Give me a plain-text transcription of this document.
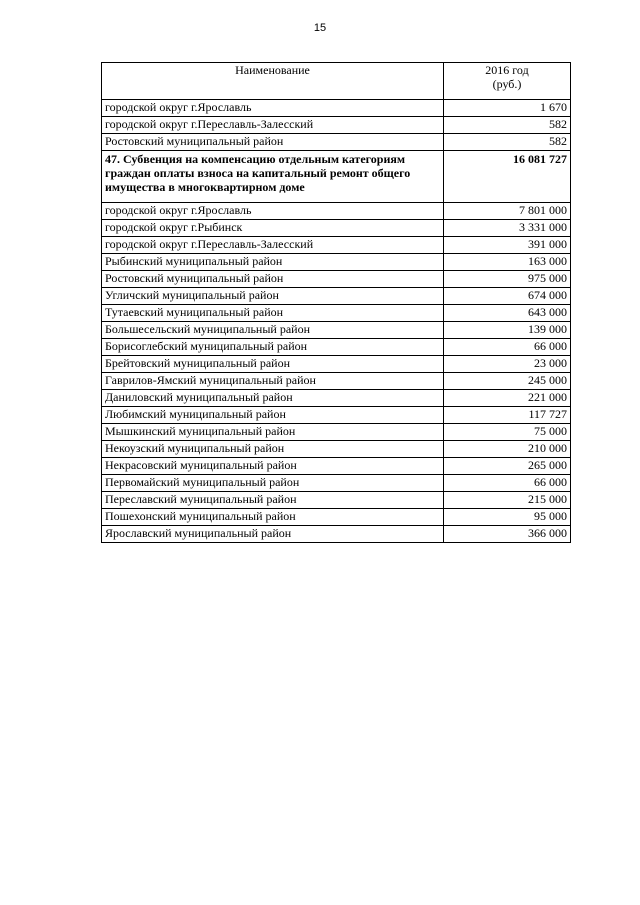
15
Наименование	2016 год
(руб.)

городской округ г.Ярославль	1 670
городской округ г.Переславль-Залесский	582
Ростовский муниципальный район	582
47. Субвенция на компенсацию отдельным категориям граждан оплаты взноса на капитальный ремонт общего имущества в многоквартирном доме	16 081 727
городской округ г.Ярославль	7 801 000
городской округ г.Рыбинск	3 331 000
городской округ г.Переславль-Залесский	391 000
Рыбинский муниципальный район	163 000
Ростовский муниципальный район	975 000
Угличский муниципальный район	674 000
Тутаевский муниципальный район	643 000
Большесельский муниципальный район	139 000
Борисоглебский муниципальный район	66 000
Брейтовский муниципальный район	23 000
Гаврилов-Ямский муниципальный район	245 000
Даниловский муниципальный район	221 000
Любимский муниципальный район	117 727
Мышкинский муниципальный район	75 000
Некоузский муниципальный район	210 000
Некрасовский муниципальный район	265 000
Первомайский муниципальный район	66 000
Переславский муниципальный район	215 000
Пошехонский муниципальный район	95 000
Ярославский муниципальный район	366 000
